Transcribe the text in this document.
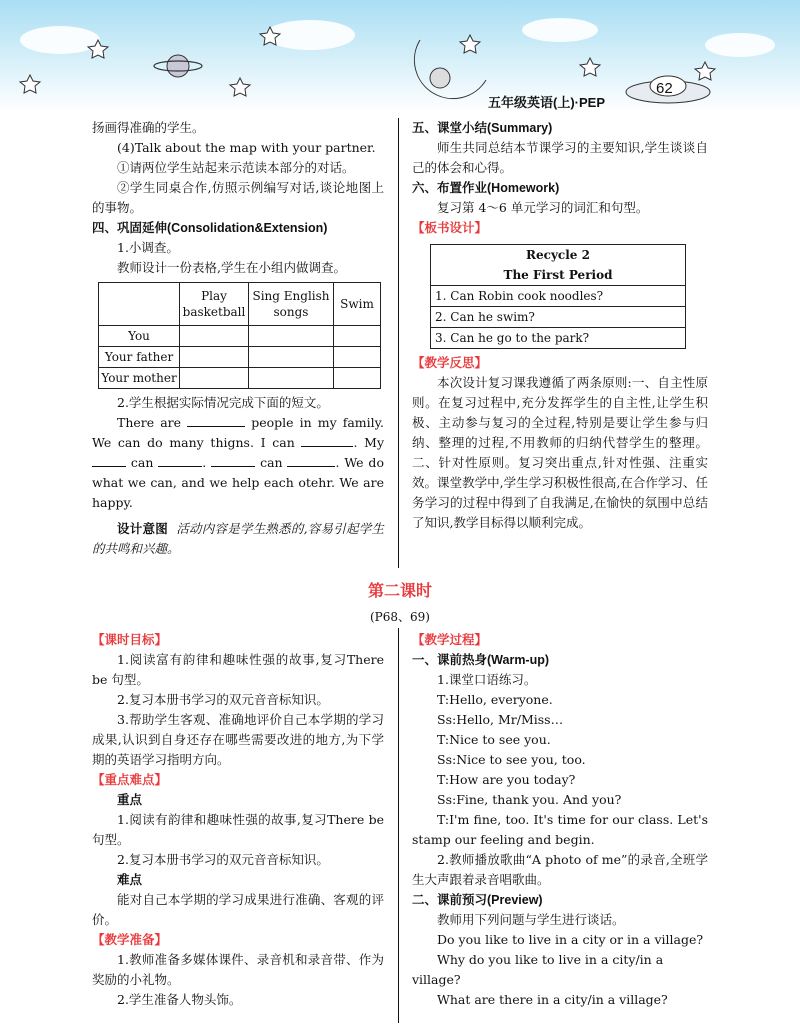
五年级英语(上)·PEP
62

扬画得准确的学生。

(4)Talk about the map with your partner.

①请两位学生站起来示范读本部分的对话。

②学生同桌合作,仿照示例编写对话,谈论地图上的事物。

四、巩固延伸(Consolidation&Extension)

1.小调查。

教师设计一份表格,学生在小组内做调查。

	Play basketball	Sing English songs	Swim
You			
Your father			
Your mother			

2.学生根据实际情况完成下面的短文。

There are	people in my family. We can do many thigns. I can	. My  can	.	can	. We do what we can, and we help each otehr. We are happy.

设计意图 活动内容是学生熟悉的,容易引起学生的共鸣和兴趣。

五、课堂小结(Summary)

师生共同总结本节课学习的主要知识,学生谈谈自己的体会和心得。

六、布置作业(Homework)

复习第 4～6 单元学习的词汇和句型。

【板书设计】

Recycle 2
The First Period
1. Can Robin cook noodles?
2. Can he swim?
3. Can he go to the park?

【教学反思】

本次设计复习课我遵循了两条原则:一、自主性原则。在复习过程中,充分发挥学生的自主性,让学生积极、主动参与复习的全过程,特别是要让学生参与归纳、整理的过程,不用教师的归纳代替学生的整理。二、针对性原则。复习突出重点,针对性强、注重实效。课堂教学中,学生学习积极性很高,在合作学习、任务学习的过程中得到了自我满足,在愉快的氛围中总结了知识,教学目标得以顺利完成。

第二课时
(P68、69)

【课时目标】

1.阅读富有韵律和趣味性强的故事,复习There be 句型。

2.复习本册书学习的双元音音标知识。

3.帮助学生客观、准确地评价自己本学期的学习成果,认识到自身还存在哪些需要改进的地方,为下学期的英语学习指明方向。

【重点难点】

重点

1.阅读有韵律和趣味性强的故事,复习There be 句型。

2.复习本册书学习的双元音音标知识。

难点

能对自己本学期的学习成果进行准确、客观的评价。

【教学准备】

1.教师准备多媒体课件、录音机和录音带、作为奖励的小礼物。

2.学生准备人物头饰。

【教学过程】

一、课前热身(Warm-up)

1.课堂口语练习。

T:Hello, everyone.

Ss:Hello, Mr/Miss…

T:Nice to see you.

Ss:Nice to see you, too.

T:How are you today?

Ss:Fine, thank you. And you?

T:I'm fine, too. It's time for our class. Let's stamp our feeling and begin.

2.教师播放歌曲“A photo of me”的录音,全班学生大声跟着录音唱歌曲。

二、课前预习(Preview)

教师用下列问题与学生进行谈话。

Do you like to live in a city or in a village?

Why do you like to live in a city/in a village?

What are there in a city/in a village?
